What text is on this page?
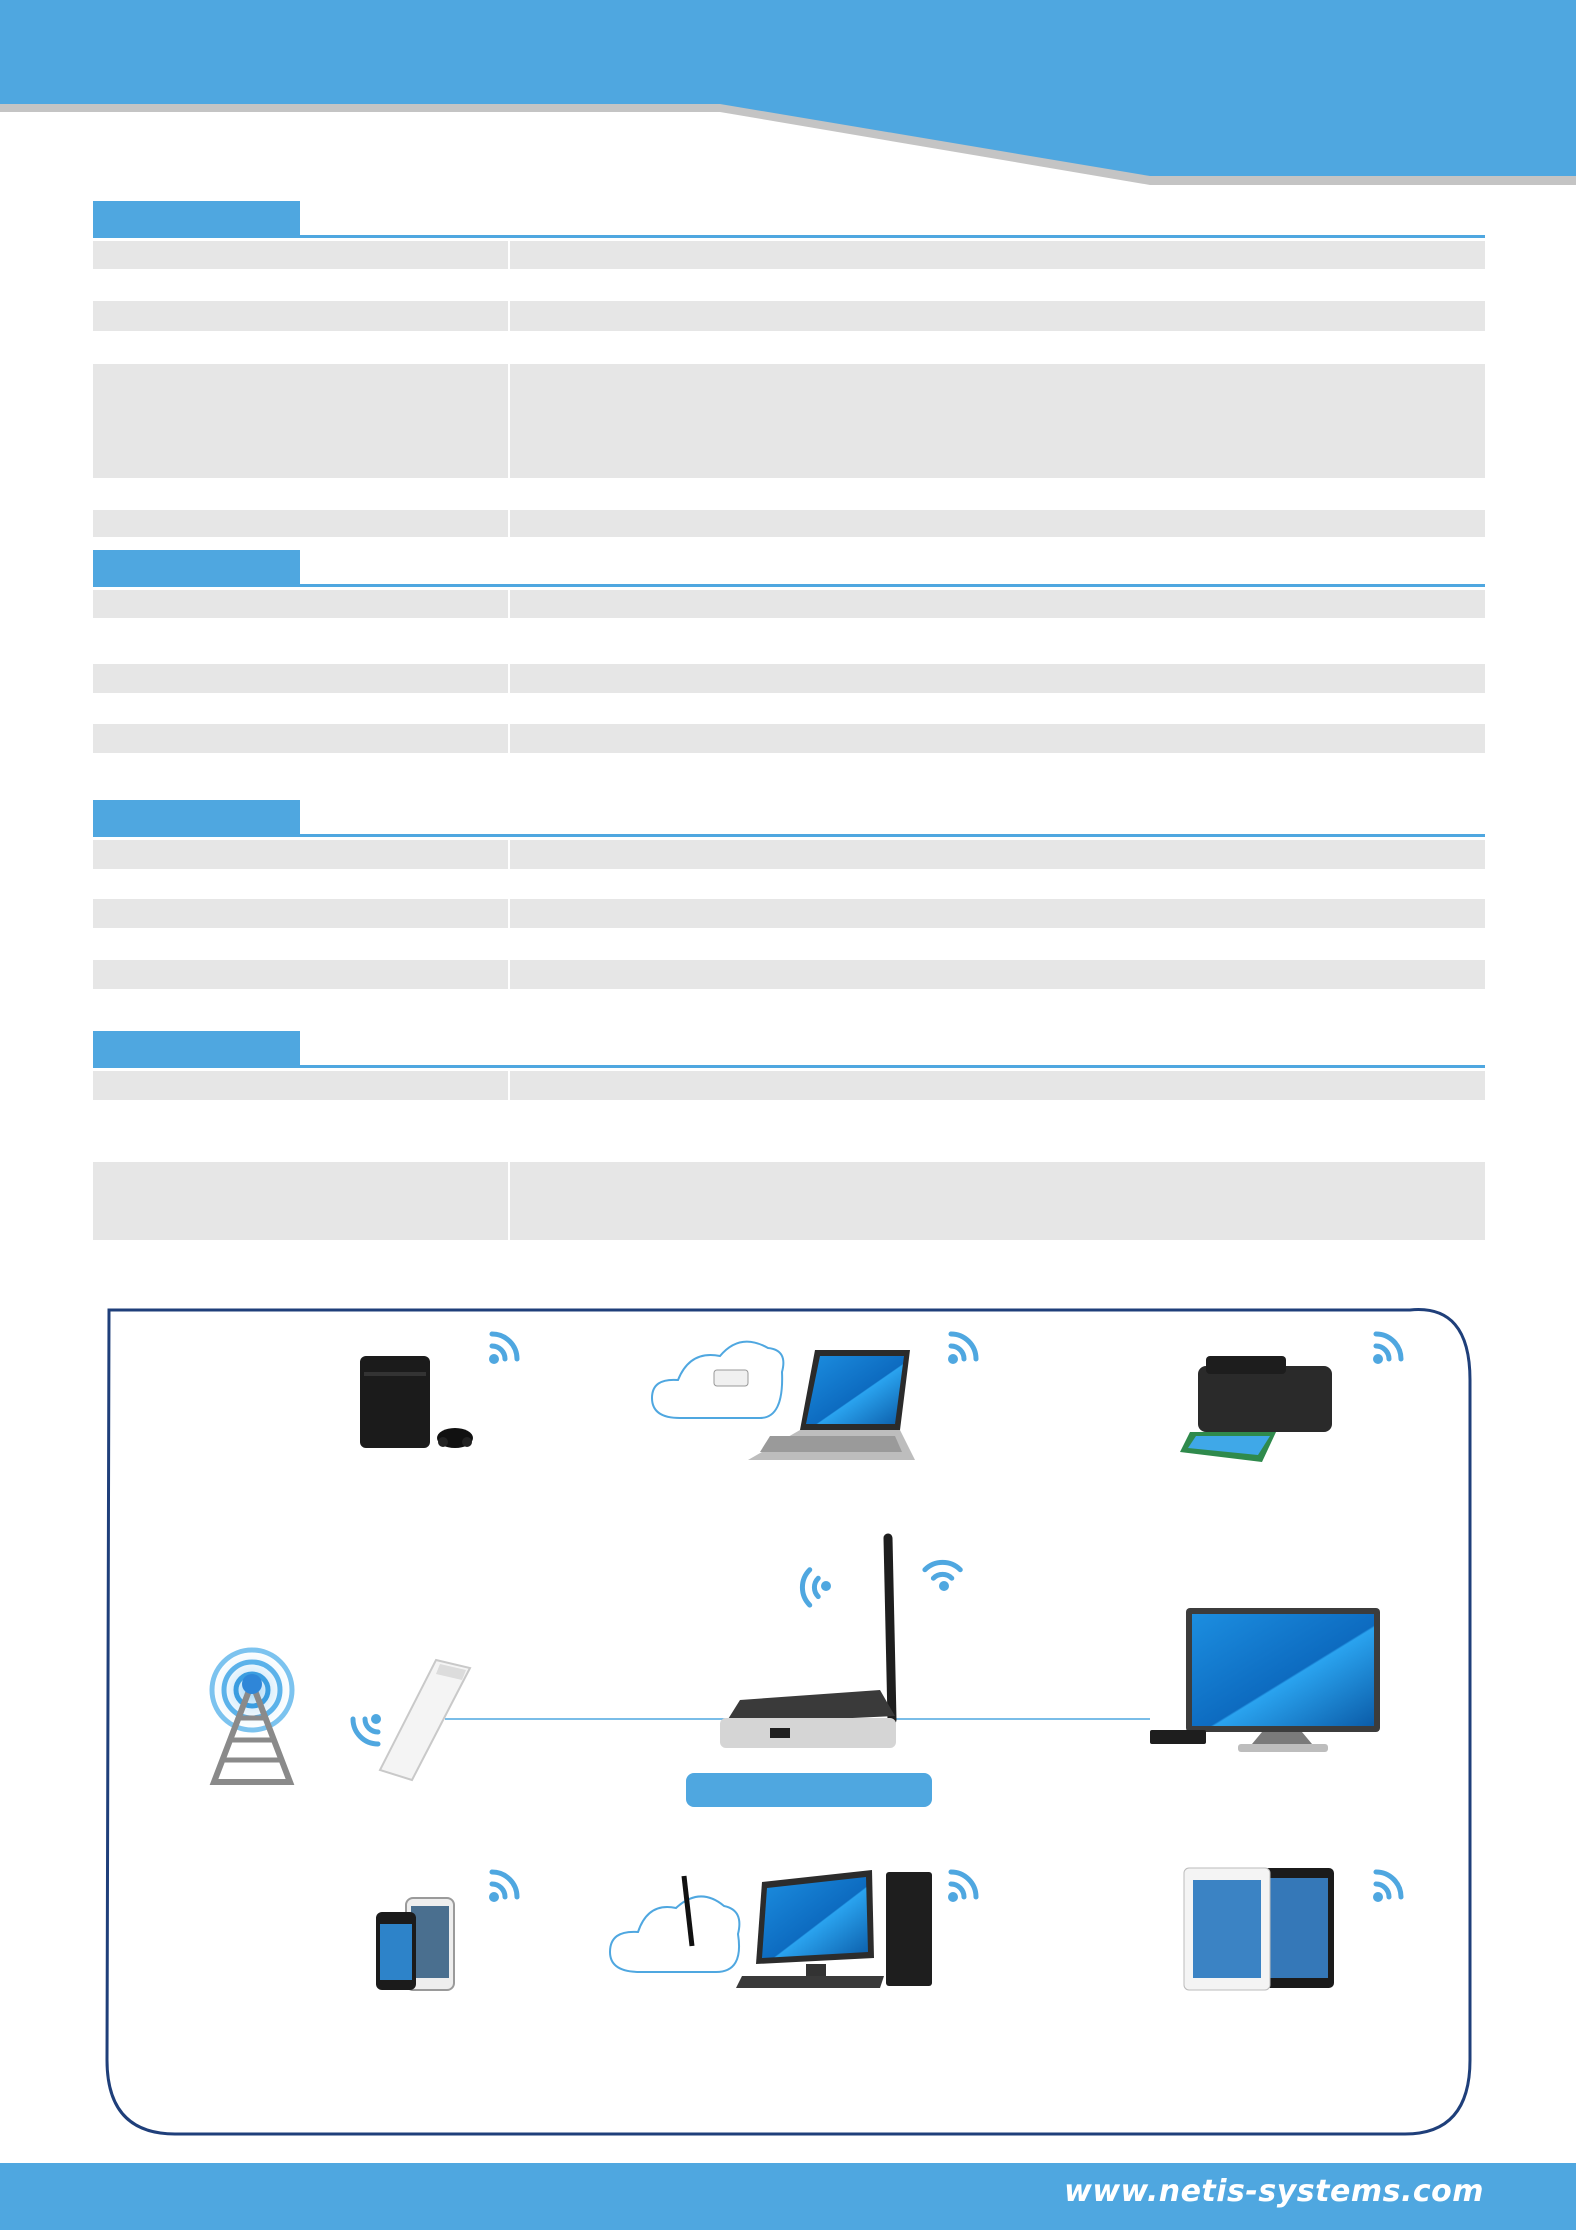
www.netis-systems.com
